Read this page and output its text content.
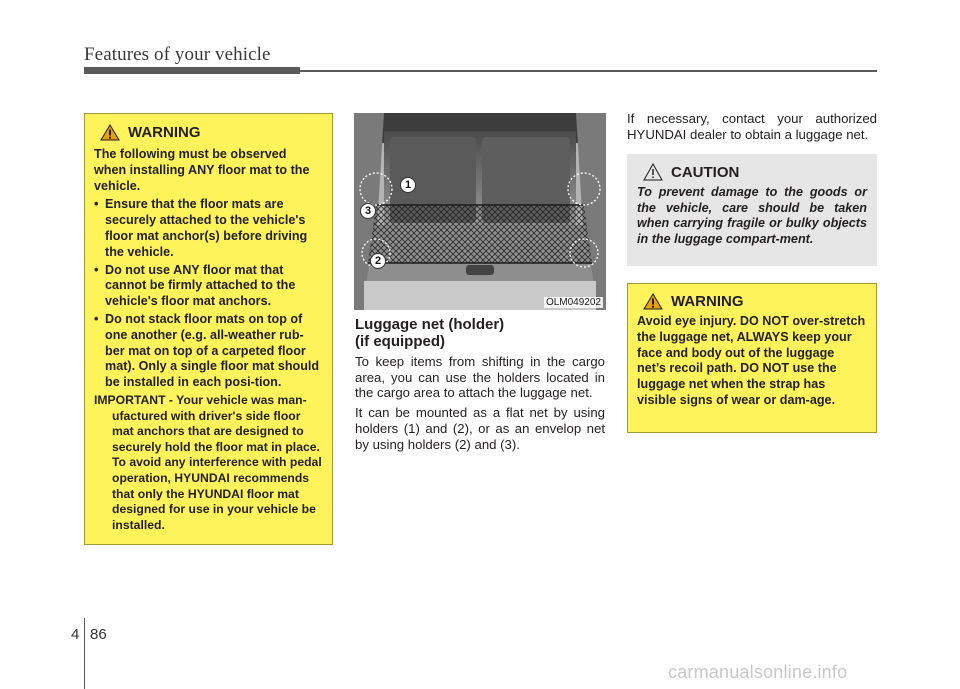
Features of your vehicle
WARNING

The following must be observed when installing ANY floor mat to the vehicle.

• Ensure that the floor mats are securely attached to the vehicle's floor mat anchor(s) before driving the vehicle.
• Do not use ANY floor mat that cannot be firmly attached to the vehicle's floor mat anchors.
• Do not stack floor mats on top of one another (e.g. all-weather rub-ber mat on top of a carpeted floor mat). Only a single floor mat should be installed in each posi-tion.

IMPORTANT - Your vehicle was man-ufactured with driver's side floor mat anchors that are designed to securely hold the floor mat in place. To avoid any interference with pedal operation, HYUNDAI recommends that only the HYUNDAI floor mat designed for use in your vehicle be installed.

1
3
2
OLM049202
Luggage net (holder)
(if equipped)

To keep items from shifting in the cargo area, you can use the holders located in the cargo area to attach the luggage net.

It can be mounted as a flat net by using holders (1) and (2), or as an envelop net by using holders (2) and (3).

If necessary, contact your authorized HYUNDAI dealer to obtain a luggage net.

CAUTION
To prevent damage to the goods or the vehicle, care should be taken when carrying fragile or bulky objects in the luggage compart-ment.
WARNING
Avoid eye injury. DO NOT over-stretch the luggage net, ALWAYS keep your face and body out of the luggage net’s recoil path. DO NOT use the luggage net when the strap has visible signs of wear or dam-age.
4 86
carmanualsonline.info
